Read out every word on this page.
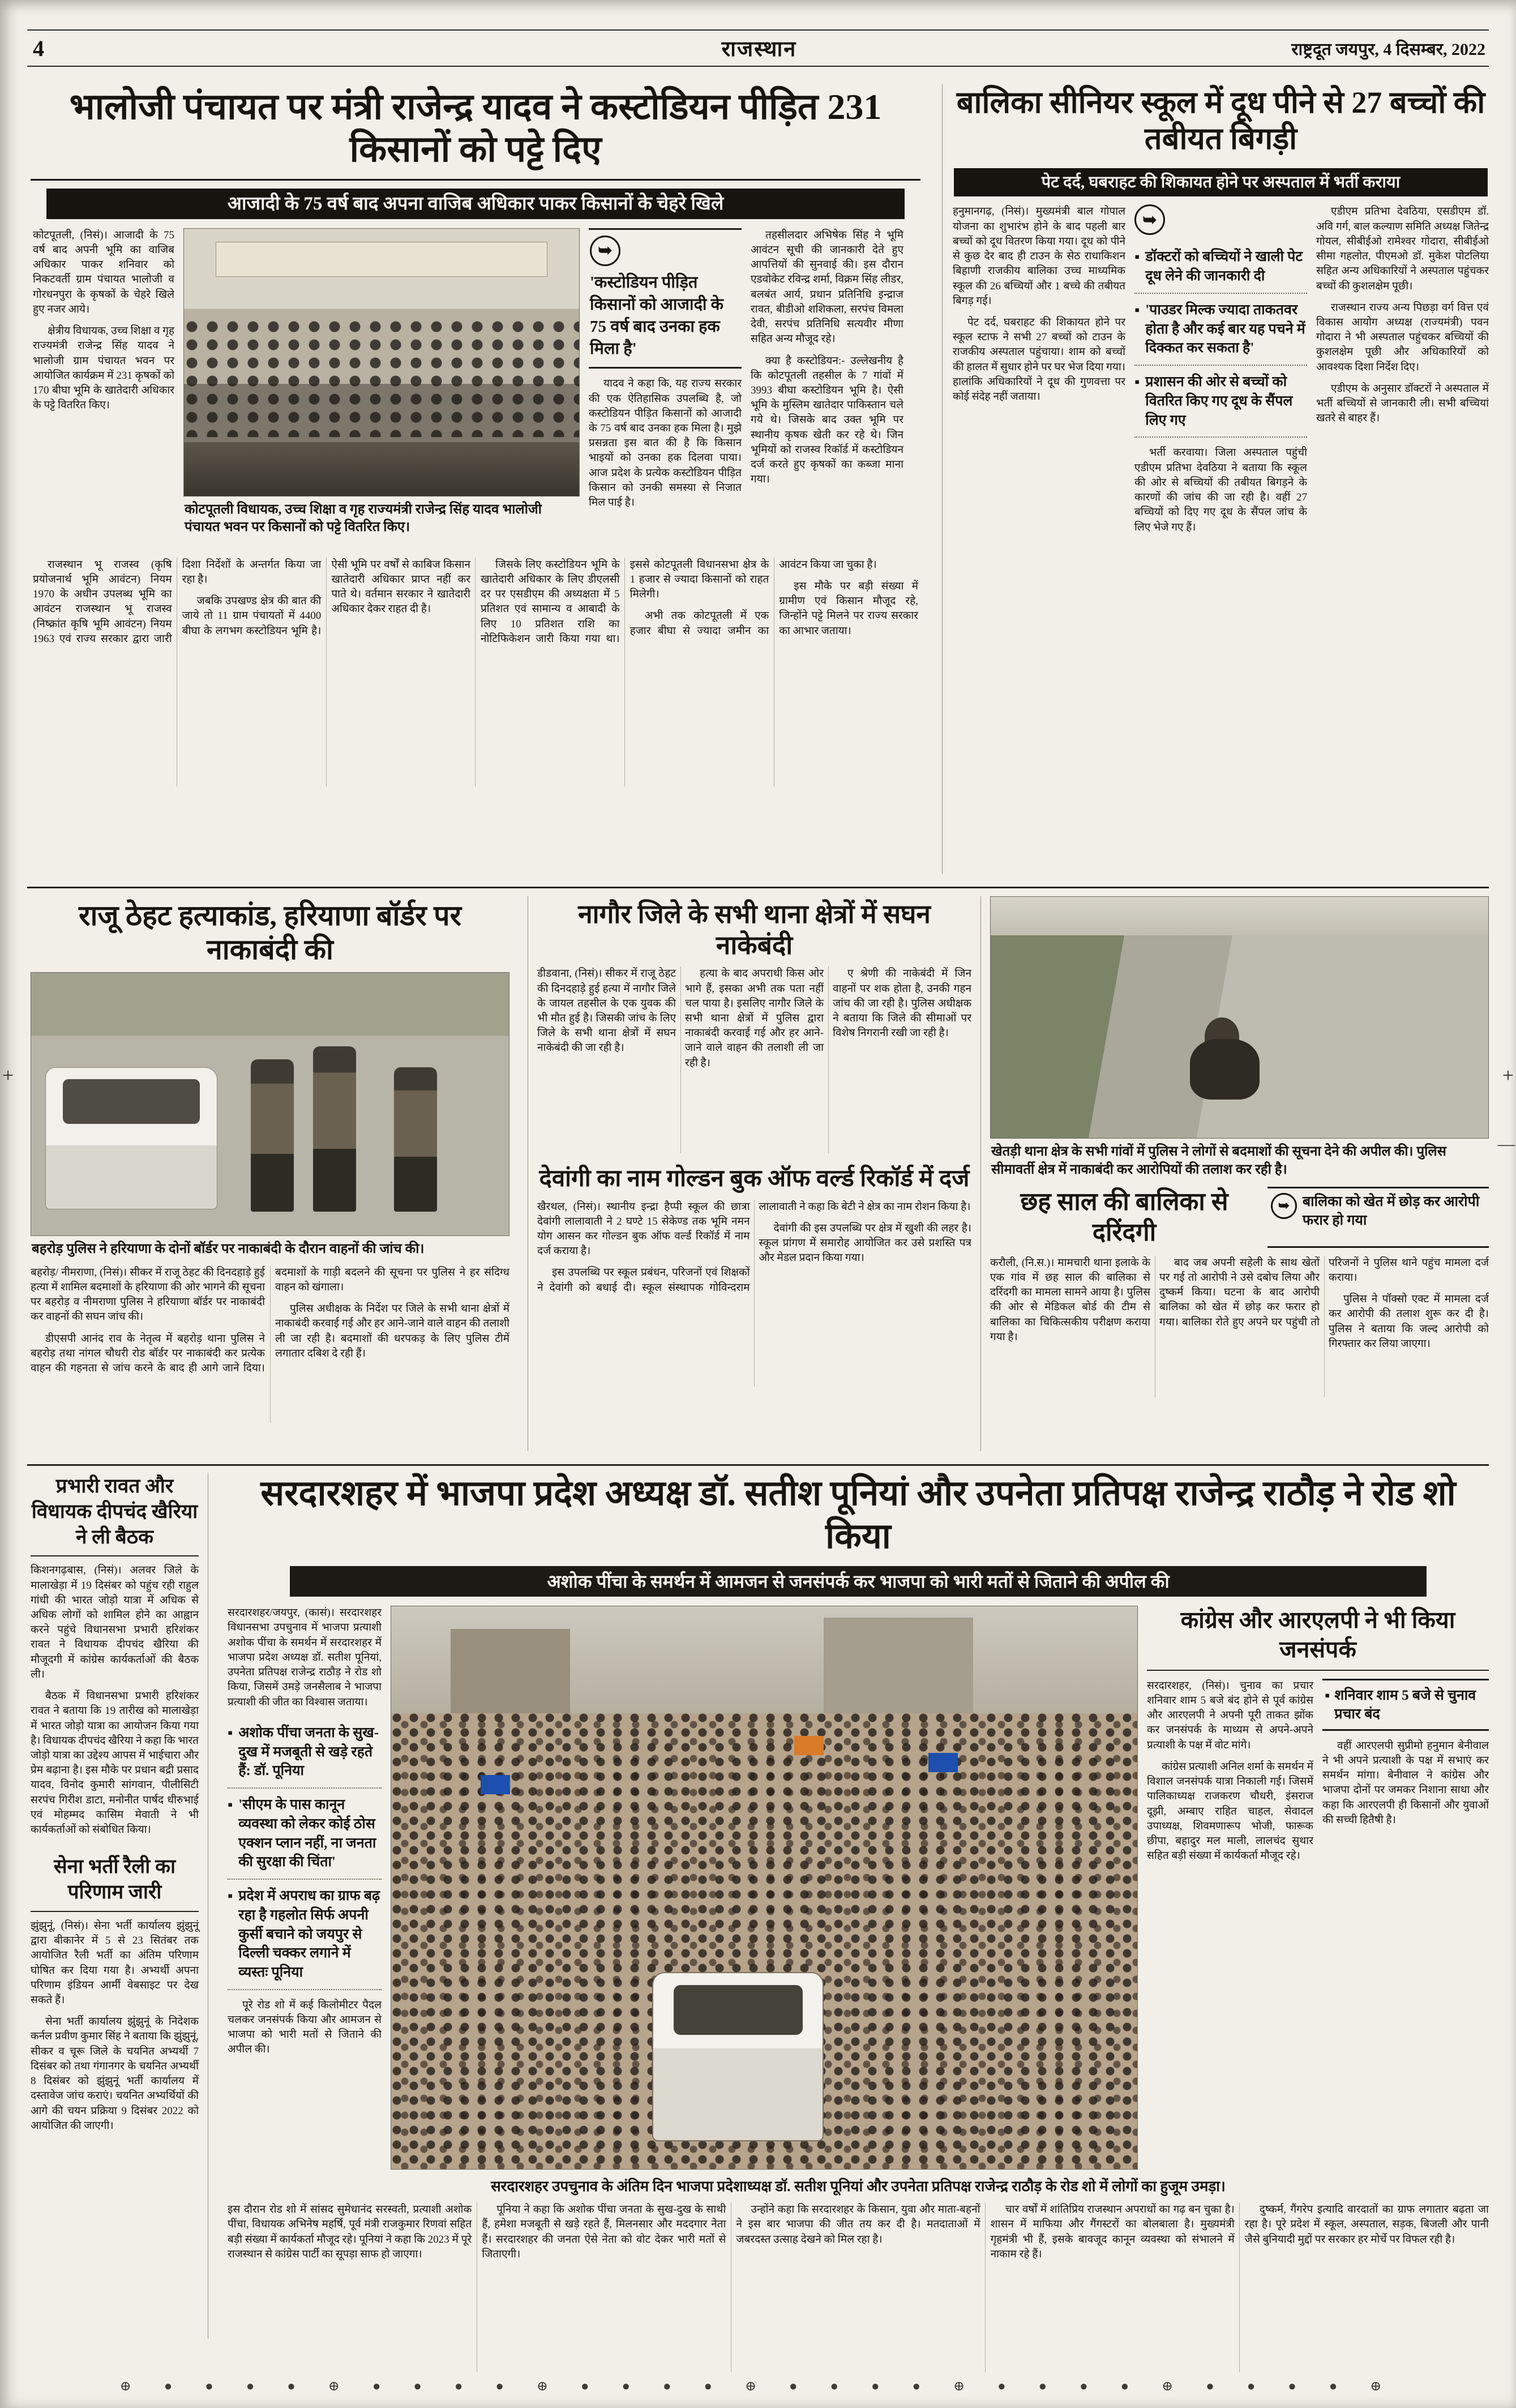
+	+
—
4	राजस्थान	राष्ट्रदूत जयपुर, 4 दिसम्बर, 2022
भालोजी पंचायत पर मंत्री राजेन्द्र यादव ने कस्टोडियन पीड़ित 231 किसानों को पट्टे दिए
आजादी के 75 वर्ष बाद अपना वाजिब अधिकार पाकर किसानों के चेहरे खिले

कोटपूतली, (निसं)। आजादी के 75 वर्ष बाद अपनी भूमि का वाजिब अधिकार पाकर शनिवार को निकटवर्ती ग्राम पंचायत भालोजी व गोरधनपुरा के कृषकों के चेहरे खिले हुए नजर आये।

क्षेत्रीय विधायक, उच्च शिक्षा व गृह राज्यमंत्री राजेन्द्र सिंह यादव ने भालोजी ग्राम पंचायत भवन पर आयोजित कार्यक्रम में 231 कृषकों को 170 बीघा भूमि के खातेदारी अधिकार के पट्टे वितरित किए।

कोटपूतली विधायक, उच्च शिक्षा व गृह राज्यमंत्री राजेन्द्र सिंह यादव भालोजी पंचायत भवन पर किसानों को पट्टे वितरित किए।
➥

'कस्टोडियन पीड़ित किसानों को आजादी के 75 वर्ष बाद उनका हक मिला है'

यादव ने कहा कि, यह राज्य सरकार की एक ऐतिहासिक उपलब्धि है, जो कस्टोडियन पीड़ित किसानों को आजादी के 75 वर्ष बाद उनका हक मिला है। मुझे प्रसन्नता इस बात की है कि किसान भाइयों को उनका हक दिलवा पाया। आज प्रदेश के प्रत्येक कस्टोडियन पीड़ित किसान को उनकी समस्या से निजात मिल पाई है।

तहसीलदार अभिषेक सिंह ने भूमि आवंटन सूची की जानकारी देते हुए आपत्तियों की सुनवाई की। इस दौरान एडवोकेट रविन्द्र शर्मा, विक्रम सिंह लीडर, बलबंत आर्य, प्रधान प्रतिनिधि इन्द्राज रावत, बीडीओ शशिकला, सरपंच विमला देवी, सरपंच प्रतिनिधि सत्यवीर मीणा सहित अन्य मौजूद रहे।

क्या है कस्टोडियन:- उल्लेखनीय है कि कोटपूतली तहसील के 7 गांवों में 3993 बीघा कस्टोडियन भूमि है। ऐसी भूमि के मुस्लिम खातेदार पाकिस्तान चले गये थे। जिसके बाद उक्त भूमि पर स्थानीय कृषक खेती कर रहे थे। जिन भूमियों को राजस्व रिकॉर्ड में कस्टोडियन दर्ज करते हुए कृषकों का कब्जा माना गया।

राजस्थान भू राजस्व (कृषि प्रयोजनार्थ भूमि आवंटन) नियम 1970 के अधीन उपलब्ध भूमि का आवंटन राजस्थान भू राजस्व (निष्क्रांत कृषि भूमि आवंटन) नियम 1963 एवं राज्य सरकार द्वारा जारी दिशा निर्देशों के अन्तर्गत किया जा रहा है।

जबकि उपखण्ड क्षेत्र की बात की जाये तो 11 ग्राम पंचायतों में 4400 बीघा के लगभग कस्टोडियन भूमि है। ऐसी भूमि पर वर्षों से काबिज किसान खातेदारी अधिकार प्राप्त नहीं कर पाते थे। वर्तमान सरकार ने खातेदारी अधिकार देकर राहत दी है।

जिसके लिए कस्टोडियन भूमि के खातेदारी अधिकार के लिए डीएलसी दर पर एसडीएम की अध्यक्षता में 5 प्रतिशत एवं सामान्य व आबादी के लिए 10 प्रतिशत राशि का नोटिफिकेशन जारी किया गया था। इससे कोटपूतली विधानसभा क्षेत्र के 1 हजार से ज्यादा किसानों को राहत मिलेगी।

अभी तक कोटपूतली में एक हजार बीघा से ज्यादा जमीन का आवंटन किया जा चुका है।

इस मौके पर बड़ी संख्या में ग्रामीण एवं किसान मौजूद रहे, जिन्होंने पट्टे मिलने पर राज्य सरकार का आभार जताया।

बालिका सीनियर स्कूल में दूध पीने से 27 बच्चों की तबीयत बिगड़ी
पेट दर्द, घबराहट की शिकायत होने पर अस्पताल में भर्ती कराया

हनुमानगढ़, (निसं)। मुख्यमंत्री बाल गोपाल योजना का शुभारंभ होने के बाद पहली बार बच्चों को दूध वितरण किया गया। दूध को पीने से कुछ देर बाद ही टाउन के सेठ राधाकिशन बिहाणी राजकीय बालिका उच्च माध्यमिक स्कूल की 26 बच्चियों और 1 बच्चे की तबीयत बिगड़ गई।

पेट दर्द, घबराहट की शिकायत होने पर स्कूल स्टाफ ने सभी 27 बच्चों को टाउन के राजकीय अस्पताल पहुंचाया। शाम को बच्चों की हालत में सुधार होने पर घर भेज दिया गया। हालांकि अधिकारियों ने दूध की गुणवत्ता पर कोई संदेह नहीं जताया।

➥
▪ डॉक्टरों को बच्चियों ने खाली पेट दूध लेने की जानकारी दी
▪ 'पाउडर मिल्क ज्यादा ताकतवर होता है और कई बार यह पचने में दिक्कत कर सकता है'
▪ प्रशासन की ओर से बच्चों को वितरित किए गए दूध के सैंपल लिए गए

भर्ती करवाया। जिला अस्पताल पहुंची एडीएम प्रतिभा देवठिया ने बताया कि स्कूल की ओर से बच्चियों की तबीयत बिगड़ने के कारणों की जांच की जा रही है। वहीं 27 बच्चियों को दिए गए दूध के सैंपल जांच के लिए भेजे गए हैं।

एडीएम प्रतिभा देवठिया, एसडीएम डॉ. अवि गर्ग, बाल कल्याण समिति अध्यक्ष जितेन्द्र गोयल, सीबीईओ रामेश्वर गोदारा, सीबीईओ सीमा गहलोत, पीएमओ डॉ. मुकेश पोटलिया सहित अन्य अधिकारियों ने अस्पताल पहुंचकर बच्चों की कुशलक्षेम पूछी।

राजस्थान राज्य अन्य पिछड़ा वर्ग वित्त एवं विकास आयोग अध्यक्ष (राज्यमंत्री) पवन गोदारा ने भी अस्पताल पहुंचकर बच्चियों की कुशलक्षेम पूछी और अधिकारियों को आवश्यक दिशा निर्देश दिए।

एडीएम के अनुसार डॉक्टरों ने अस्पताल में भर्ती बच्चियों से जानकारी ली। सभी बच्चियां खतरे से बाहर हैं।

राजू ठेहट हत्याकांड, हरियाणा बॉर्डर पर नाकाबंदी की
बहरोड़ पुलिस ने हरियाणा के दोनों बॉर्डर पर नाकाबंदी के दौरान वाहनों की जांच की।

बहरोड़/ नीमराणा, (निसं)। सीकर में राजू ठेहट की दिनदहाड़े हुई हत्या में शामिल बदमाशों के हरियाणा की ओर भागने की सूचना पर बहरोड़ व नीमराणा पुलिस ने हरियाणा बॉर्डर पर नाकाबंदी कर वाहनों की सघन जांच की।

डीएसपी आनंद राव के नेतृत्व में बहरोड़ थाना पुलिस ने बहरोड़ तथा नांगल चौधरी रोड बॉर्डर पर नाकाबंदी कर प्रत्येक वाहन की गहनता से जांच करने के बाद ही आगे जाने दिया। बदमाशों के गाड़ी बदलने की सूचना पर पुलिस ने हर संदिग्ध वाहन को खंगाला।

पुलिस अधीक्षक के निर्देश पर जिले के सभी थाना क्षेत्रों में नाकाबंदी करवाई गई और हर आने-जाने वाले वाहन की तलाशी ली जा रही है। बदमाशों की धरपकड़ के लिए पुलिस टीमें लगातार दबिश दे रही हैं।

नागौर जिले के सभी थाना क्षेत्रों में सघन नाकेबंदी

डीडवाना, (निसं)। सीकर में राजू ठेहट की दिनदहाड़े हुई हत्या में नागौर जिले के जायल तहसील के एक युवक की भी मौत हुई है। जिसकी जांच के लिए जिले के सभी थाना क्षेत्रों में सघन नाकेबंदी की जा रही है।

हत्या के बाद अपराधी किस ओर भागे हैं, इसका अभी तक पता नहीं चल पाया है। इसलिए नागौर जिले के सभी थाना क्षेत्रों में पुलिस द्वारा नाकाबंदी करवाई गई और हर आने-जाने वाले वाहन की तलाशी ली जा रही है।

ए श्रेणी की नाकेबंदी में जिन वाहनों पर शक होता है, उनकी गहन जांच की जा रही है। पुलिस अधीक्षक ने बताया कि जिले की सीमाओं पर विशेष निगरानी रखी जा रही है।

देवांगी का नाम गोल्डन बुक ऑफ वर्ल्ड रिकॉर्ड में दर्ज

खैरथल, (निसं)। स्थानीय इन्द्रा हैप्पी स्कूल की छात्रा देवांगी लालावाती ने 2 घण्टे 15 सेकेण्ड तक भूमि नमन योग आसन कर गोल्डन बुक ऑफ वर्ल्ड रिकॉर्ड में नाम दर्ज कराया है।

इस उपलब्धि पर स्कूल प्रबंधन, परिजनों एवं शिक्षकों ने देवांगी को बधाई दी। स्कूल संस्थापक गोविन्दराम लालावाती ने कहा कि बेटी ने क्षेत्र का नाम रोशन किया है।

देवांगी की इस उपलब्धि पर क्षेत्र में खुशी की लहर है। स्कूल प्रांगण में समारोह आयोजित कर उसे प्रशस्ति पत्र और मेडल प्रदान किया गया।

खेतड़ी थाना क्षेत्र के सभी गांवों में पुलिस ने लोगों से बदमाशों की सूचना देने की अपील की। पुलिस सीमावर्ती क्षेत्र में नाकाबंदी कर आरोपियों की तलाश कर रही है।
छह साल की बालिका से दरिंदगी
➥ बालिका को खेत में छोड़ कर आरोपी फरार हो गया

करौली, (नि.स.)। मामचारी थाना इलाके के एक गांव में छह साल की बालिका से दरिंदगी का मामला सामने आया है। पुलिस की ओर से मेडिकल बोर्ड की टीम से बालिका का चिकित्सकीय परीक्षण कराया गया है।

बाद जब अपनी सहेली के साथ खेतों पर गई तो आरोपी ने उसे दबोच लिया और दुष्कर्म किया। घटना के बाद आरोपी बालिका को खेत में छोड़ कर फरार हो गया। बालिका रोते हुए अपने घर पहुंची तो परिजनों ने पुलिस थाने पहुंच मामला दर्ज कराया।

पुलिस ने पॉक्सो एक्ट में मामला दर्ज कर आरोपी की तलाश शुरू कर दी है। पुलिस ने बताया कि जल्द आरोपी को गिरफ्तार कर लिया जाएगा।

प्रभारी रावत और विधायक दीपचंद खैरिया ने ली बैठक

किशनगढ़बास, (निसं)। अलवर जिले के मालाखेड़ा में 19 दिसंबर को पहुंच रही राहुल गांधी की भारत जोड़ो यात्रा में अधिक से अधिक लोगों को शामिल होने का आह्वान करने पहुंचे विधानसभा प्रभारी हरिशंकर रावत ने विधायक दीपचंद खैरिया की मौजूदगी में कांग्रेस कार्यकर्ताओं की बैठक ली।

बैठक में विधानसभा प्रभारी हरिशंकर रावत ने बताया कि 19 तारीख को मालाखेड़ा में भारत जोड़ो यात्रा का आयोजन किया गया है। विधायक दीपचंद खैरिया ने कहा कि भारत जोड़ो यात्रा का उद्देश्य आपस में भाईचारा और प्रेम बढ़ाना है। इस मौके पर प्रधान बद्री प्रसाद यादव, विनोद कुमारी सांगवान, पीलीसिटी सरपंच गिरीश डाटा, मनोनीत पार्षद धीरुभाई एवं मोहम्मद कासिम मेवाती ने भी कार्यकर्ताओं को संबोधित किया।

सेना भर्ती रैली का परिणाम जारी

झुंझुनूं, (निसं)। सेना भर्ती कार्यालय झुंझुनूं द्वारा बीकानेर में 5 से 23 सितंबर तक आयोजित रैली भर्ती का अंतिम परिणाम घोषित कर दिया गया है। अभ्यर्थी अपना परिणाम इंडियन आर्मी वेबसाइट पर देख सकते हैं।

सेना भर्ती कार्यालय झुंझुनूं के निदेशक कर्नल प्रवीण कुमार सिंह ने बताया कि झुंझुनूं, सीकर व चूरू जिले के चयनित अभ्यर्थी 7 दिसंबर को तथा गंगानगर के चयनित अभ्यर्थी 8 दिसंबर को झुंझुनूं भर्ती कार्यालय में दस्तावेज जांच कराएं। चयनित अभ्यर्थियों की आगे की चयन प्रक्रिया 9 दिसंबर 2022 को आयोजित की जाएगी।

सरदारशहर में भाजपा प्रदेश अध्यक्ष डॉ. सतीश पूनियां और उपनेता प्रतिपक्ष राजेन्द्र राठौड़ ने रोड शो किया
अशोक पींचा के समर्थन में आमजन से जनसंपर्क कर भाजपा को भारी मतों से जिताने की अपील की

सरदारशहर/जयपुर, (कासं)। सरदारशहर विधानसभा उपचुनाव में भाजपा प्रत्याशी अशोक पींचा के समर्थन में सरदारशहर में भाजपा प्रदेश अध्यक्ष डॉ. सतीश पूनियां, उपनेता प्रतिपक्ष राजेन्द्र राठौड़ ने रोड शो किया, जिसमें उमड़े जनसैलाब ने भाजपा प्रत्याशी की जीत का विश्वास जताया।

▪ अशोक पींचा जनता के सुख-दुख में मजबूती से खड़े रहते हैं: डॉ. पूनिया
▪ 'सीएम के पास कानून व्यवस्था को लेकर कोई ठोस एक्शन प्लान नहीं, ना जनता की सुरक्षा की चिंता'
▪ प्रदेश में अपराध का ग्राफ बढ़ रहा है गहलोत सिर्फ अपनी कुर्सी बचाने को जयपुर से दिल्ली चक्कर लगाने में व्यस्तः पूनिया

पूरे रोड शो में कई किलोमीटर पैदल चलकर जनसंपर्क किया और आमजन से भाजपा को भारी मतों से जिताने की अपील की।

कांग्रेस और आरएलपी ने भी किया जनसंपर्क

सरदारशहर, (निसं)। चुनाव का प्रचार शनिवार शाम 5 बजे बंद होने से पूर्व कांग्रेस और आरएलपी ने अपनी पूरी ताकत झोंक कर जनसंपर्क के माध्यम से अपने-अपने प्रत्याशी के पक्ष में वोट मांगे।

कांग्रेस प्रत्याशी अनिल शर्मा के समर्थन में विशाल जनसंपर्क यात्रा निकाली गई। जिसमें पालिकाध्यक्ष राजकरण चौधरी, इंसराज दूझी, अम्बाए राहित चाहल, सेवादल उपाध्यक्ष, शिवमणारूप भोजी, फारूक छीपा, बहादुर मल माली, लालचंद सुथार सहित बड़ी संख्या में कार्यकर्ता मौजूद रहे।

▪ शनिवार शाम 5 बजे से चुनाव प्रचार बंद

वहीं आरएलपी सुप्रीमो हनुमान बेनीवाल ने भी अपने प्रत्याशी के पक्ष में सभाएं कर समर्थन मांगा। बेनीवाल ने कांग्रेस और भाजपा दोनों पर जमकर निशाना साधा और कहा कि आरएलपी ही किसानों और युवाओं की सच्ची हितैषी है।

सरदारशहर उपचुनाव के अंतिम दिन भाजपा प्रदेशाध्यक्ष डॉ. सतीश पूनियां और उपनेता प्रतिपक्ष राजेन्द्र राठौड़ के रोड शो में लोगों का हुजूम उमड़ा।

इस दौरान रोड शो में सांसद सुमेधानंद सरस्वती, प्रत्याशी अशोक पींचा, विधायक अभिनेष महर्षि, पूर्व मंत्री राजकुमार रिणवां सहित बड़ी संख्या में कार्यकर्ता मौजूद रहे। पूनियां ने कहा कि 2023 में पूरे राजस्थान से कांग्रेस पार्टी का सूपड़ा साफ हो जाएगा।

पूनिया ने कहा कि अशोक पींचा जनता के सुख-दुख के साथी हैं, हमेशा मजबूती से खड़े रहते हैं, मिलनसार और मददगार नेता हैं। सरदारशहर की जनता ऐसे नेता को वोट देकर भारी मतों से जिताएगी।

उन्होंने कहा कि सरदारशहर के किसान, युवा और माता-बहनों ने इस बार भाजपा की जीत तय कर दी है। मतदाताओं में जबरदस्त उत्साह देखने को मिल रहा है।

चार वर्षों में शांतिप्रिय राजस्थान अपराधों का गढ़ बन चुका है। शासन में माफिया और गैंगस्टरों का बोलबाला है। मुख्यमंत्री गृहमंत्री भी हैं, इसके बावजूद कानून व्यवस्था को संभालने में नाकाम रहे हैं।

दुष्कर्म, गैंगरेप इत्यादि वारदातों का ग्राफ लगातार बढ़ता जा रहा है। पूरे प्रदेश में स्कूल, अस्पताल, सड़क, बिजली और पानी जैसे बुनियादी मुद्दों पर सरकार हर मोर्चे पर विफल रही है।

⊕ ● ● ● ● ⊕ ● ● ● ● ⊕ ● ● ● ● ⊕ ● ● ● ● ⊕ ● ● ● ● ⊕ ● ● ● ● ⊕
